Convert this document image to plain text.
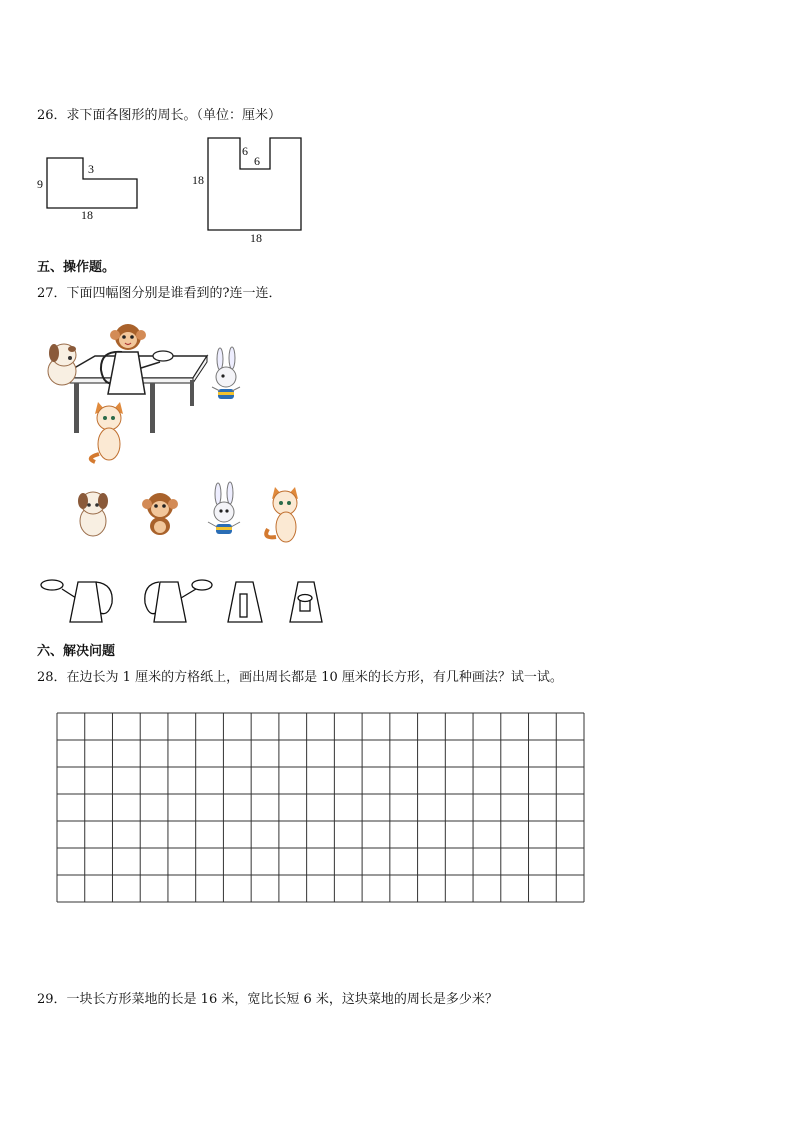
26．求下面各图形的周长。（单位：厘米）
9
3
18
18
6
6
18
五、操作题。
27．下面四幅图分别是谁看到的?连一连．
六、解决问题
28．在边长为 1 厘米的方格纸上，画出周长都是 10 厘米的长方形，有几种画法？试一试。
29．一块长方形菜地的长是 16 米，宽比长短 6 米，这块菜地的周长是多少米？
